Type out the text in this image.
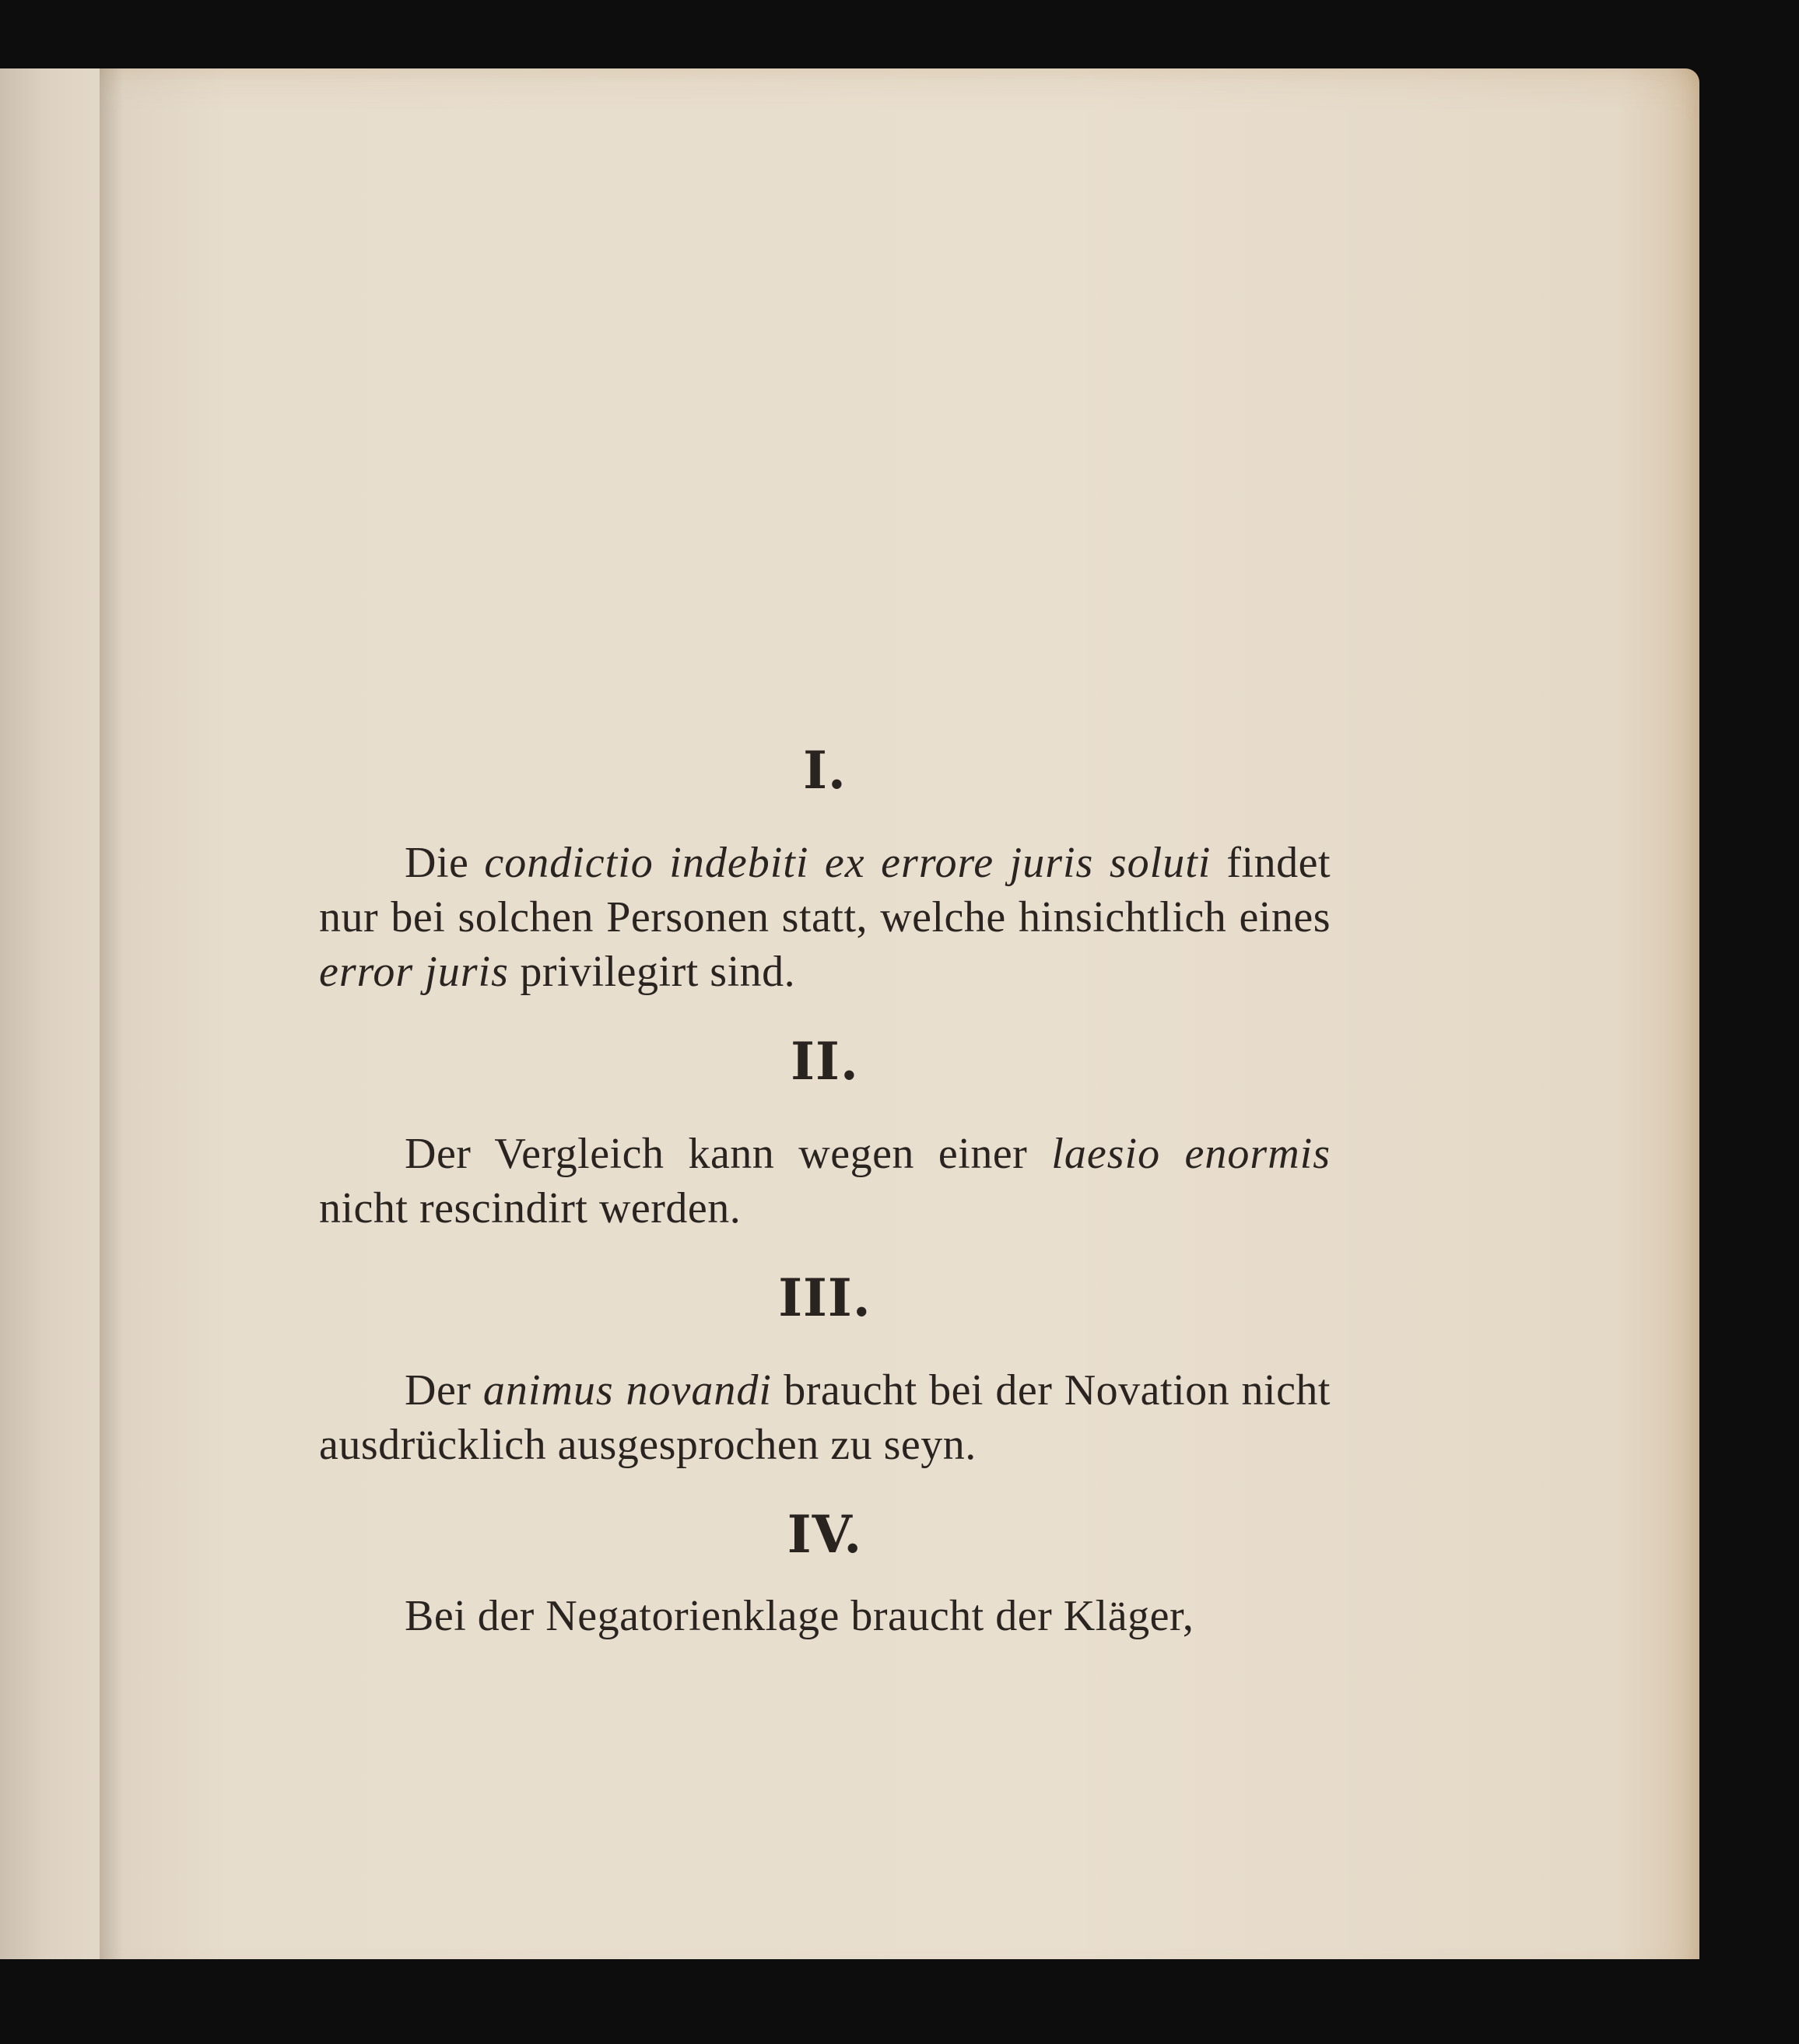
I.

Die condictio indebiti ex errore juris soluti findet nur bei solchen Personen statt, welche hinsichtlich eines error juris privilegirt sind.

II.

Der Vergleich kann wegen einer laesio enormis nicht rescindirt werden.

III.

Der animus novandi braucht bei der Novation nicht ausdrücklich ausgesprochen zu seyn.

IV.

Bei der Negatorienklage braucht der Kläger,
